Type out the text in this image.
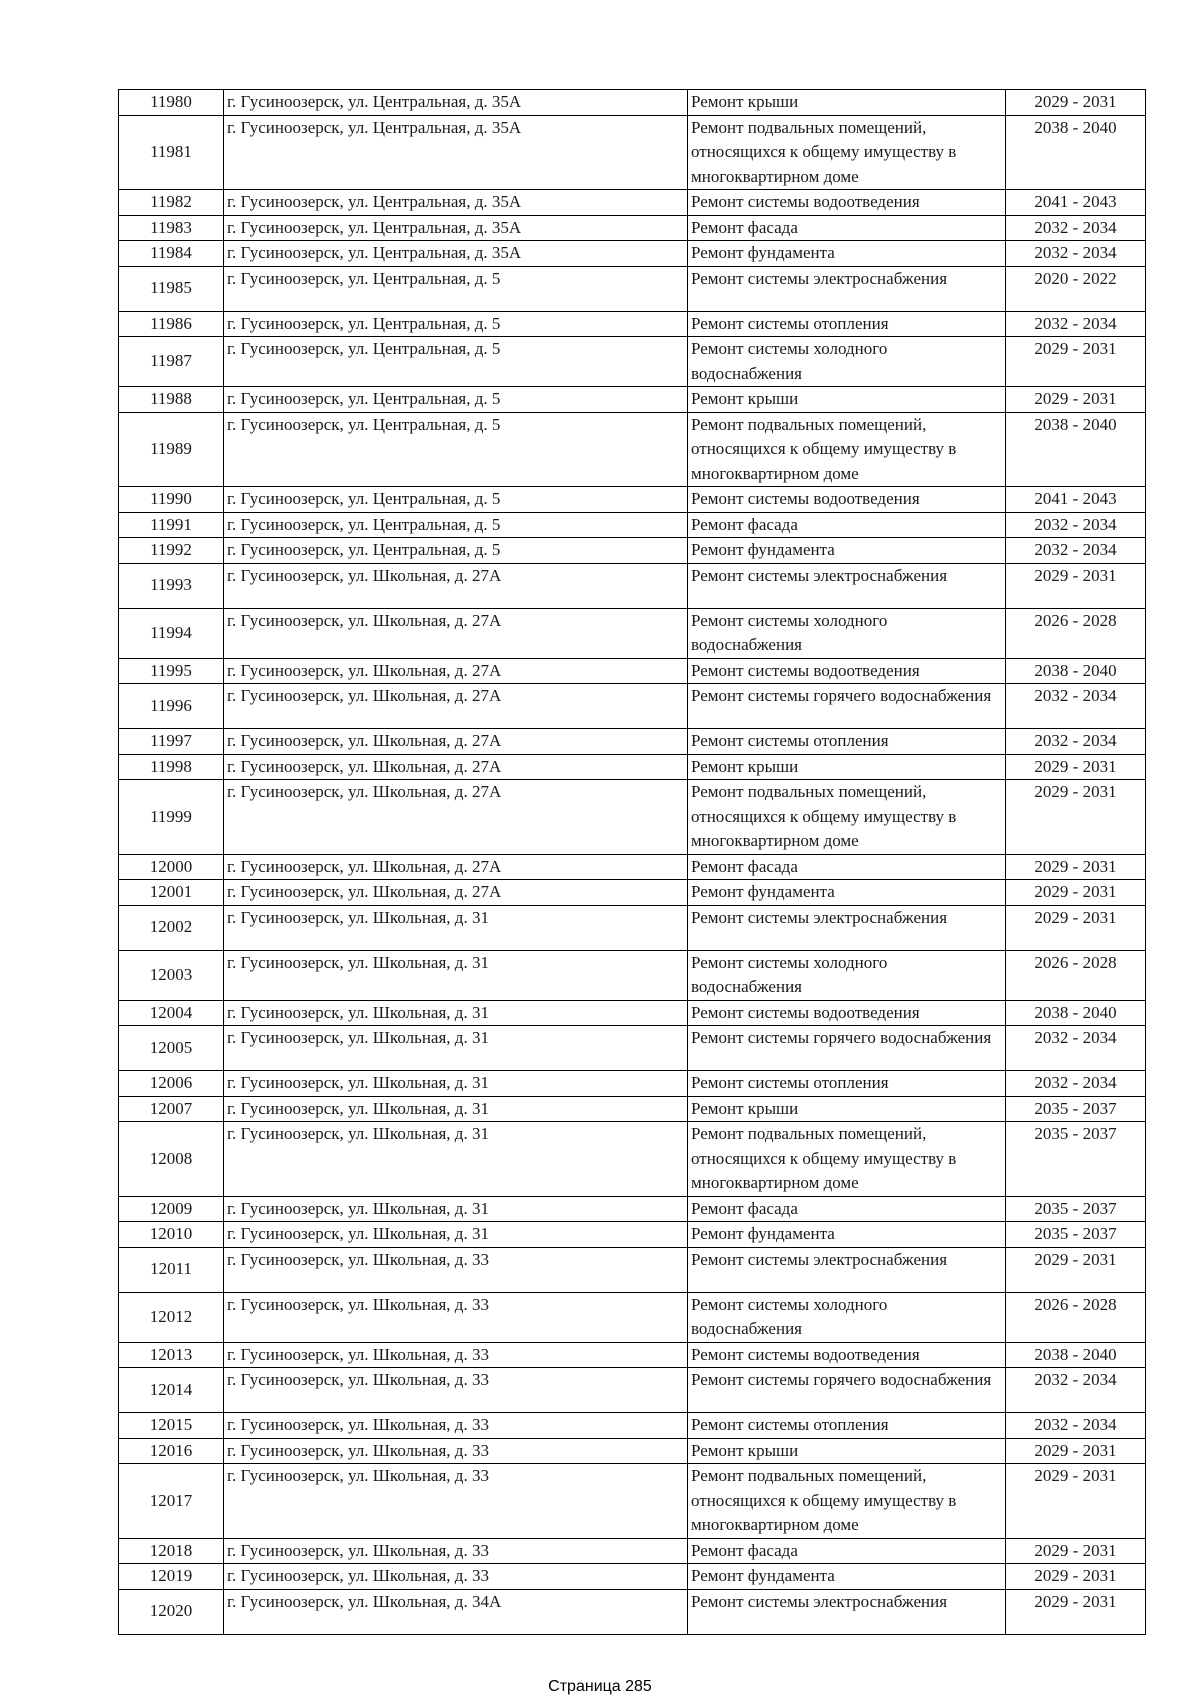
11980	г. Гусиноозерск, ул. Центральная, д. 35А	Ремонт крыши	2029 - 2031
11981	г. Гусиноозерск, ул. Центральная, д. 35А	Ремонт подвальных помещений, относящихся к общему имуществу в многоквартирном доме	2038 - 2040
11982	г. Гусиноозерск, ул. Центральная, д. 35А	Ремонт системы водоотведения	2041 - 2043
11983	г. Гусиноозерск, ул. Центральная, д. 35А	Ремонт фасада	2032 - 2034
11984	г. Гусиноозерск, ул. Центральная, д. 35А	Ремонт фундамента	2032 - 2034
11985	г. Гусиноозерск, ул. Центральная, д. 5	Ремонт системы электроснабжения	2020 - 2022
11986	г. Гусиноозерск, ул. Центральная, д. 5	Ремонт системы отопления	2032 - 2034
11987	г. Гусиноозерск, ул. Центральная, д. 5	Ремонт системы холодного водоснабжения	2029 - 2031
11988	г. Гусиноозерск, ул. Центральная, д. 5	Ремонт крыши	2029 - 2031
11989	г. Гусиноозерск, ул. Центральная, д. 5	Ремонт подвальных помещений, относящихся к общему имуществу в многоквартирном доме	2038 - 2040
11990	г. Гусиноозерск, ул. Центральная, д. 5	Ремонт системы водоотведения	2041 - 2043
11991	г. Гусиноозерск, ул. Центральная, д. 5	Ремонт фасада	2032 - 2034
11992	г. Гусиноозерск, ул. Центральная, д. 5	Ремонт фундамента	2032 - 2034
11993	г. Гусиноозерск, ул. Школьная, д. 27А	Ремонт системы электроснабжения	2029 - 2031
11994	г. Гусиноозерск, ул. Школьная, д. 27А	Ремонт системы холодного водоснабжения	2026 - 2028
11995	г. Гусиноозерск, ул. Школьная, д. 27А	Ремонт системы водоотведения	2038 - 2040
11996	г. Гусиноозерск, ул. Школьная, д. 27А	Ремонт системы горячего водоснабжения	2032 - 2034
11997	г. Гусиноозерск, ул. Школьная, д. 27А	Ремонт системы отопления	2032 - 2034
11998	г. Гусиноозерск, ул. Школьная, д. 27А	Ремонт крыши	2029 - 2031
11999	г. Гусиноозерск, ул. Школьная, д. 27А	Ремонт подвальных помещений, относящихся к общему имуществу в многоквартирном доме	2029 - 2031
12000	г. Гусиноозерск, ул. Школьная, д. 27А	Ремонт фасада	2029 - 2031
12001	г. Гусиноозерск, ул. Школьная, д. 27А	Ремонт фундамента	2029 - 2031
12002	г. Гусиноозерск, ул. Школьная, д. 31	Ремонт системы электроснабжения	2029 - 2031
12003	г. Гусиноозерск, ул. Школьная, д. 31	Ремонт системы холодного водоснабжения	2026 - 2028
12004	г. Гусиноозерск, ул. Школьная, д. 31	Ремонт системы водоотведения	2038 - 2040
12005	г. Гусиноозерск, ул. Школьная, д. 31	Ремонт системы горячего водоснабжения	2032 - 2034
12006	г. Гусиноозерск, ул. Школьная, д. 31	Ремонт системы отопления	2032 - 2034
12007	г. Гусиноозерск, ул. Школьная, д. 31	Ремонт крыши	2035 - 2037
12008	г. Гусиноозерск, ул. Школьная, д. 31	Ремонт подвальных помещений, относящихся к общему имуществу в многоквартирном доме	2035 - 2037
12009	г. Гусиноозерск, ул. Школьная, д. 31	Ремонт фасада	2035 - 2037
12010	г. Гусиноозерск, ул. Школьная, д. 31	Ремонт фундамента	2035 - 2037
12011	г. Гусиноозерск, ул. Школьная, д. 33	Ремонт системы электроснабжения	2029 - 2031
12012	г. Гусиноозерск, ул. Школьная, д. 33	Ремонт системы холодного водоснабжения	2026 - 2028
12013	г. Гусиноозерск, ул. Школьная, д. 33	Ремонт системы водоотведения	2038 - 2040
12014	г. Гусиноозерск, ул. Школьная, д. 33	Ремонт системы горячего водоснабжения	2032 - 2034
12015	г. Гусиноозерск, ул. Школьная, д. 33	Ремонт системы отопления	2032 - 2034
12016	г. Гусиноозерск, ул. Школьная, д. 33	Ремонт крыши	2029 - 2031
12017	г. Гусиноозерск, ул. Школьная, д. 33	Ремонт подвальных помещений, относящихся к общему имуществу в многоквартирном доме	2029 - 2031
12018	г. Гусиноозерск, ул. Школьная, д. 33	Ремонт фасада	2029 - 2031
12019	г. Гусиноозерск, ул. Школьная, д. 33	Ремонт фундамента	2029 - 2031
12020	г. Гусиноозерск, ул. Школьная, д. 34А	Ремонт системы электроснабжения	2029 - 2031
Страница 285
